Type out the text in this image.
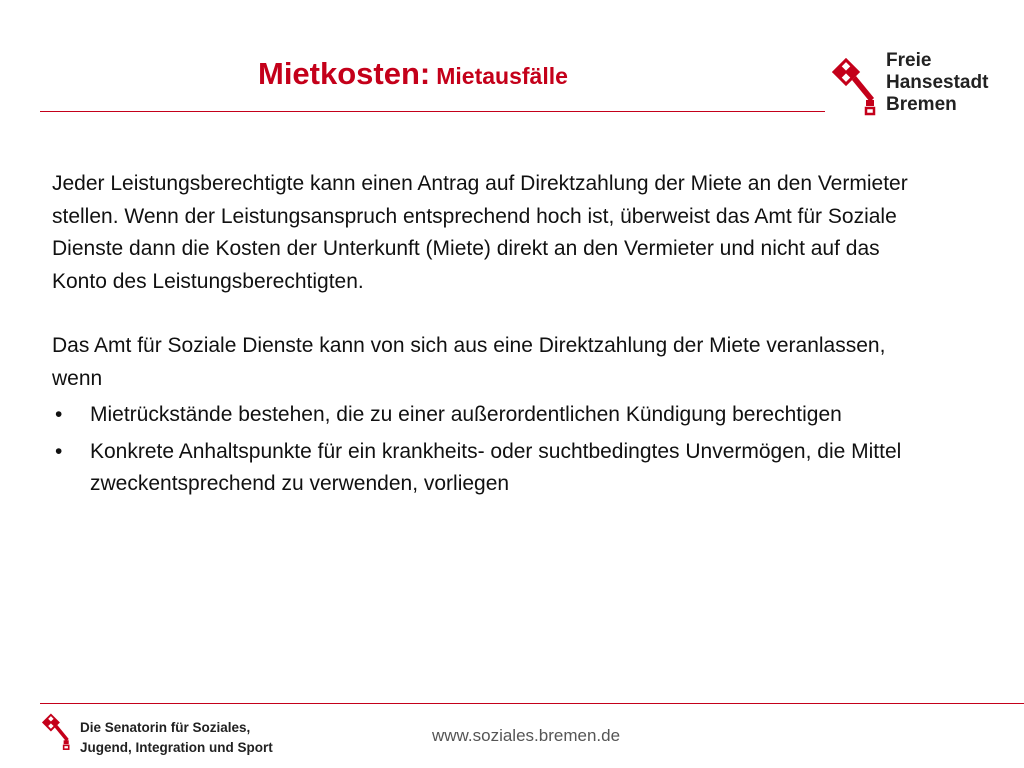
Mietkosten: Mietausfälle
Freie
Hansestadt
Bremen

Jeder Leistungsberechtigte kann einen Antrag auf Direktzahlung der Miete an den Vermieter stellen. Wenn der Leistungsanspruch entsprechend hoch ist, überweist das Amt für Soziale Dienste dann die Kosten der Unterkunft (Miete) direkt an den Vermieter und nicht auf das Konto des Leistungsberechtigten.

Das Amt für Soziale Dienste kann von sich aus eine Direktzahlung der Miete veranlassen, wenn

• Mietrückstände bestehen, die zu einer außerordentlichen Kündigung berechtigen
• Konkrete Anhaltspunkte für ein krankheits- oder suchtbedingtes Unvermögen, die Mittel zweckentsprechend zu verwenden, vorliegen
Die Senatorin für Soziales,
Jugend, Integration und Sport
www.soziales.bremen.de
